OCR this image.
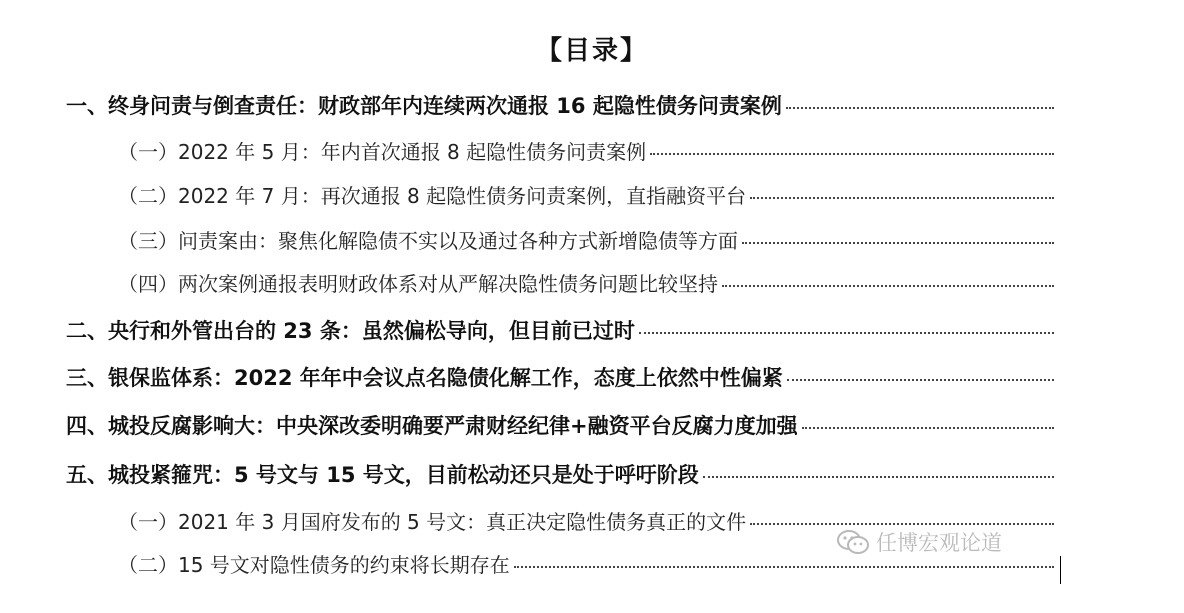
【目录】
一、终身问责与倒查责任：财政部年内连续两次通报 16 起隐性债务问责案例
（一）2022 年 5 月：年内首次通报 8 起隐性债务问责案例
（二）2022 年 7 月：再次通报 8 起隐性债务问责案例，直指融资平台
（三）问责案由：聚焦化解隐债不实以及通过各种方式新增隐债等方面
（四）两次案例通报表明财政体系对从严解决隐性债务问题比较坚持
二、央行和外管出台的 23 条：虽然偏松导向，但目前已过时
三、银保监体系：2022 年年中会议点名隐债化解工作，态度上依然中性偏紧
四、城投反腐影响大：中央深改委明确要严肃财经纪律+融资平台反腐力度加强
五、城投紧箍咒：5 号文与 15 号文，目前松动还只是处于呼吁阶段
（一）2021 年 3 月国府发布的 5 号文：真正决定隐性债务真正的文件
（二）15 号文对隐性债务的约束将长期存在
任博宏观论道
